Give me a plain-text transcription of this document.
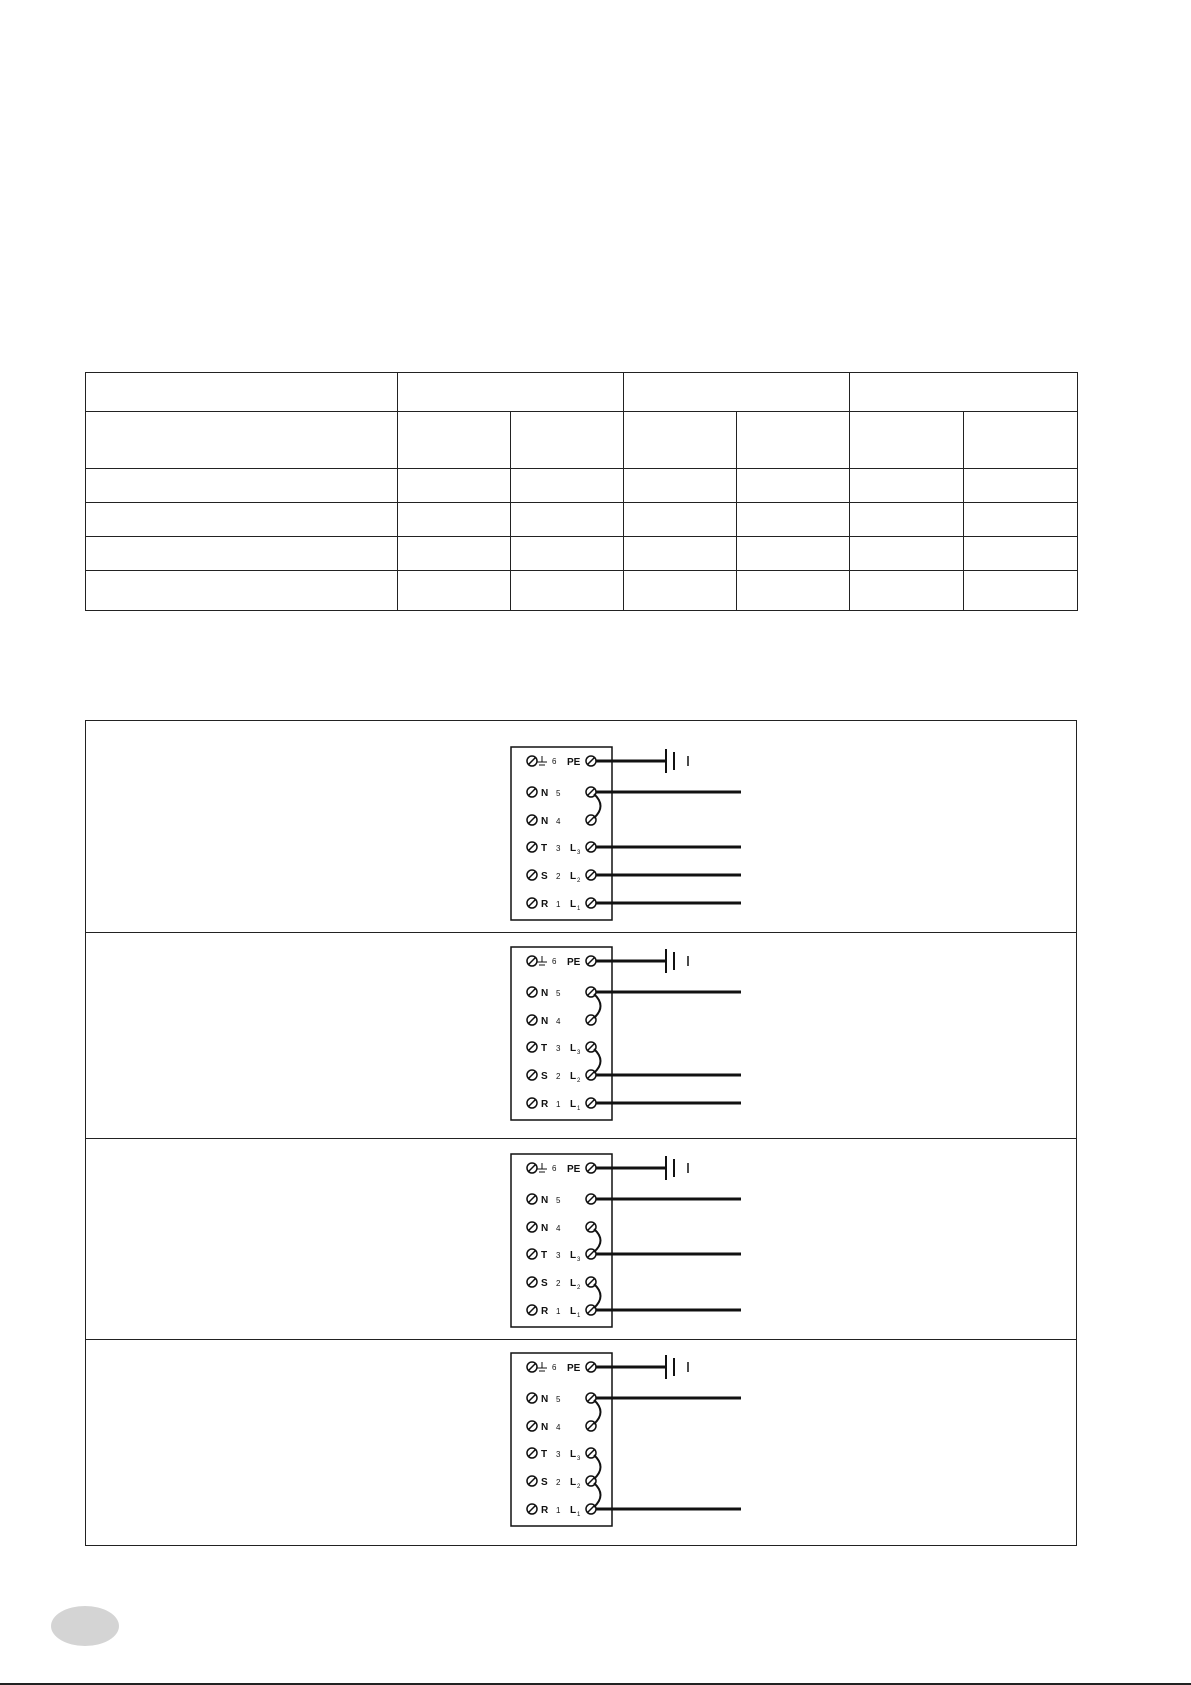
6 PE
N 5
N 4
T 3 L 3
S 2 L 2
R 1 L 1
6 PE
N 5
N 4
T 3 L 3
S 2 L 2
R 1 L 1
6 PE
N 5
N 4
T 3 L 3
S 2 L 2
R 1 L 1
6 PE
N 5
N 4
T 3 L 3
S 2 L 2
R 1 L 1
